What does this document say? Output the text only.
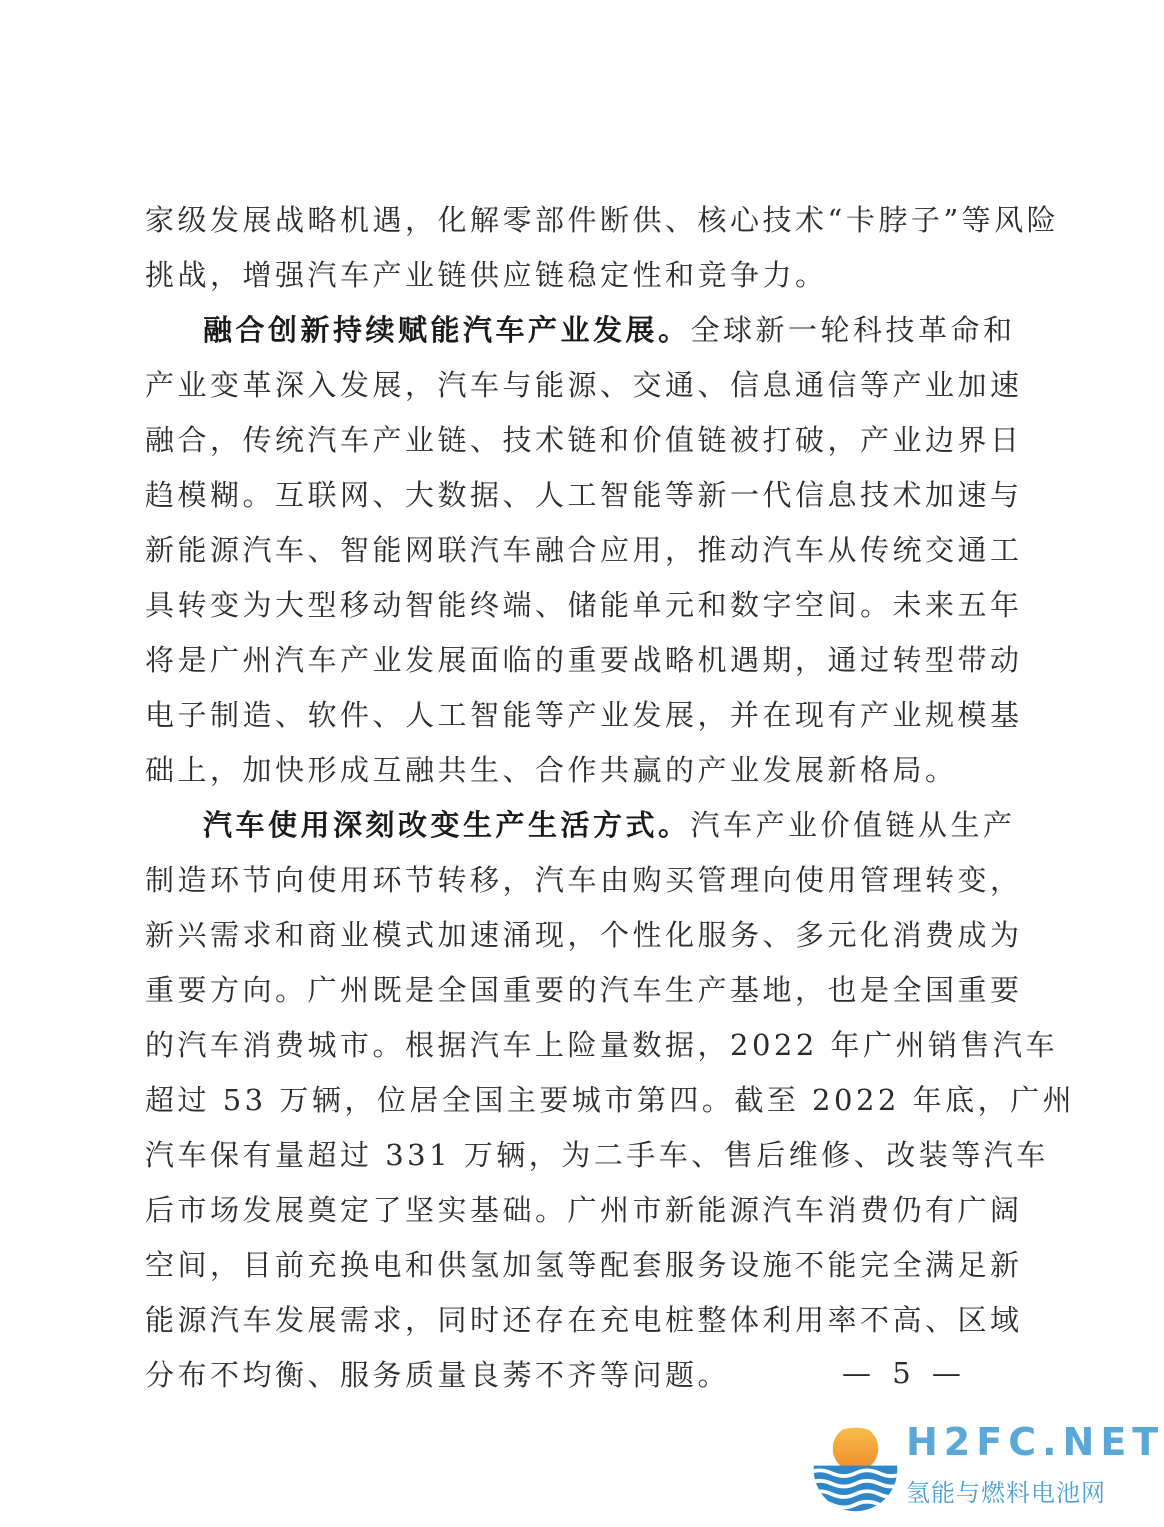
家级发展战略机遇，化解零部件断供、核心技术“卡脖子”等风险
挑战，增强汽车产业链供应链稳定性和竞争力。
融合创新持续赋能汽车产业发展。全球新一轮科技革命和
产业变革深入发展，汽车与能源、交通、信息通信等产业加速
融合，传统汽车产业链、技术链和价值链被打破，产业边界日
趋模糊。互联网、大数据、人工智能等新一代信息技术加速与
新能源汽车、智能网联汽车融合应用，推动汽车从传统交通工
具转变为大型移动智能终端、储能单元和数字空间。未来五年
将是广州汽车产业发展面临的重要战略机遇期，通过转型带动
电子制造、软件、人工智能等产业发展，并在现有产业规模基
础上，加快形成互融共生、合作共赢的产业发展新格局。
汽车使用深刻改变生产生活方式。汽车产业价值链从生产
制造环节向使用环节转移，汽车由购买管理向使用管理转变，
新兴需求和商业模式加速涌现，个性化服务、多元化消费成为
重要方向。广州既是全国重要的汽车生产基地，也是全国重要
的汽车消费城市。根据汽车上险量数据，2022 年广州销售汽车
超过 53 万辆，位居全国主要城市第四。截至 2022 年底，广州
汽车保有量超过 331 万辆，为二手车、售后维修、改装等汽车
后市场发展奠定了坚实基础。广州市新能源汽车消费仍有广阔
空间，目前充换电和供氢加氢等配套服务设施不能完全满足新
能源汽车发展需求，同时还存在充电桩整体利用率不高、区域
分布不均衡、服务质量良莠不齐等问题。	— 5 —
H2FC.NET
氢能与燃料电池网
